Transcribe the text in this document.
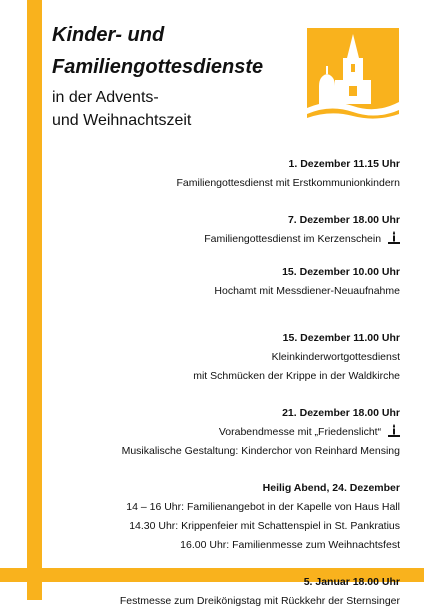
Kinder- und
Familiengottesdienste
in der Advents-
und Weihnachtszeit
1. Dezember 11.15 Uhr
Familiengottesdienst mit Erstkommunionkindern
7. Dezember 18.00 Uhr
Familiengottesdienst im Kerzenschein
15. Dezember 10.00 Uhr
Hochamt mit Messdiener-Neuaufnahme
15. Dezember 11.00 Uhr
Kleinkinderwortgottesdienst
mit Schmücken der Krippe in der Waldkirche
21. Dezember 18.00 Uhr
Vorabendmesse mit „Friedenslicht“
Musikalische Gestaltung: Kinderchor von Reinhard Mensing
Heilig Abend, 24. Dezember
14 – 16 Uhr: Familienangebot in der Kapelle von Haus Hall
14.30 Uhr: Krippenfeier mit Schattenspiel in St. Pankratius
16.00 Uhr: Familienmesse zum Weihnachtsfest
5. Januar 18.00 Uhr
Festmesse zum Dreikönigstag mit Rückkehr der Sternsinger
